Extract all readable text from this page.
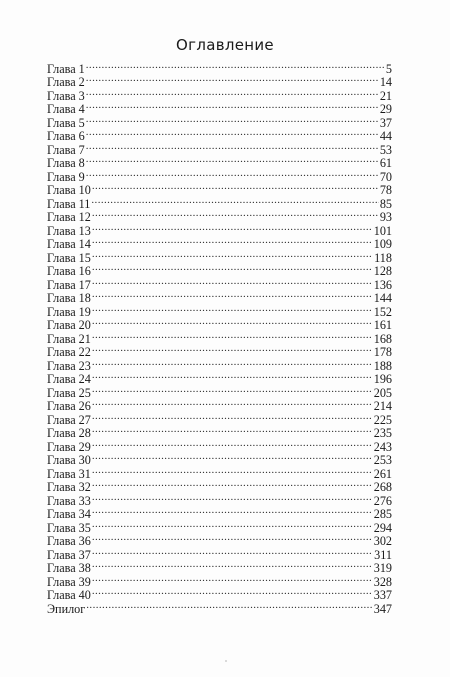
Оглавление
Глава 1 .....	5
Глава 2 .....	14
Глава 3 .....	21
Глава 4 .....	29
Глава 5 .....	37
Глава 6 .....	44
Глава 7 .....	53
Глава 8 .....	61
Глава 9 .....	70
Глава 10 .....	78
Глава 11 .....	85
Глава 12 .....	93
Глава 13 .....	101
Глава 14 .....	109
Глава 15 .....	118
Глава 16 .....	128
Глава 17 .....	136
Глава 18 .....	144
Глава 19 .....	152
Глава 20 .....	161
Глава 21 .....	168
Глава 22 .....	178
Глава 23 .....	188
Глава 24 .....	196
Глава 25 .....	205
Глава 26 .....	214
Глава 27 .....	225
Глава 28 .....	235
Глава 29 .....	243
Глава 30 .....	253
Глава 31 .....	261
Глава 32 .....	268
Глава 33 .....	276
Глава 34 .....	285
Глава 35 .....	294
Глава 36 .....	302
Глава 37 .....	311
Глава 38 .....	319
Глава 39 .....	328
Глава 40 .....	337
Эпилог .....	347
